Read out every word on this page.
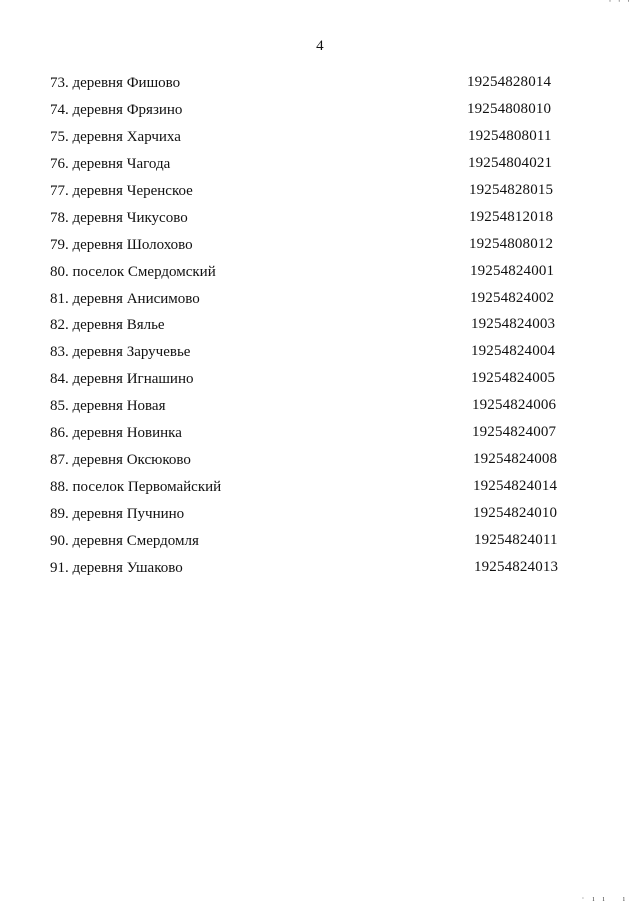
· · ·
4
73. деревня Фишово	19254828014
74. деревня Фрязино	19254808010
75. деревня Харчиха	19254808011
76. деревня Чагода	19254804021
77. деревня Черенское	19254828015
78. деревня Чикусово	19254812018
79. деревня Шолохово	19254808012
80. поселок Смердомский	19254824001
81. деревня Анисимово	19254824002
82. деревня Вялье	19254824003
83. деревня Заручевье	19254824004
84. деревня Игнашино	19254824005
85. деревня Новая	19254824006
86. деревня Новинка	19254824007
87. деревня Оксюково	19254824008
88. поселок Первомайский	19254824014
89. деревня Пучнино	19254824010
90. деревня Смердомля	19254824011
91. деревня Ушаково	19254824013
· ı ı   ı
